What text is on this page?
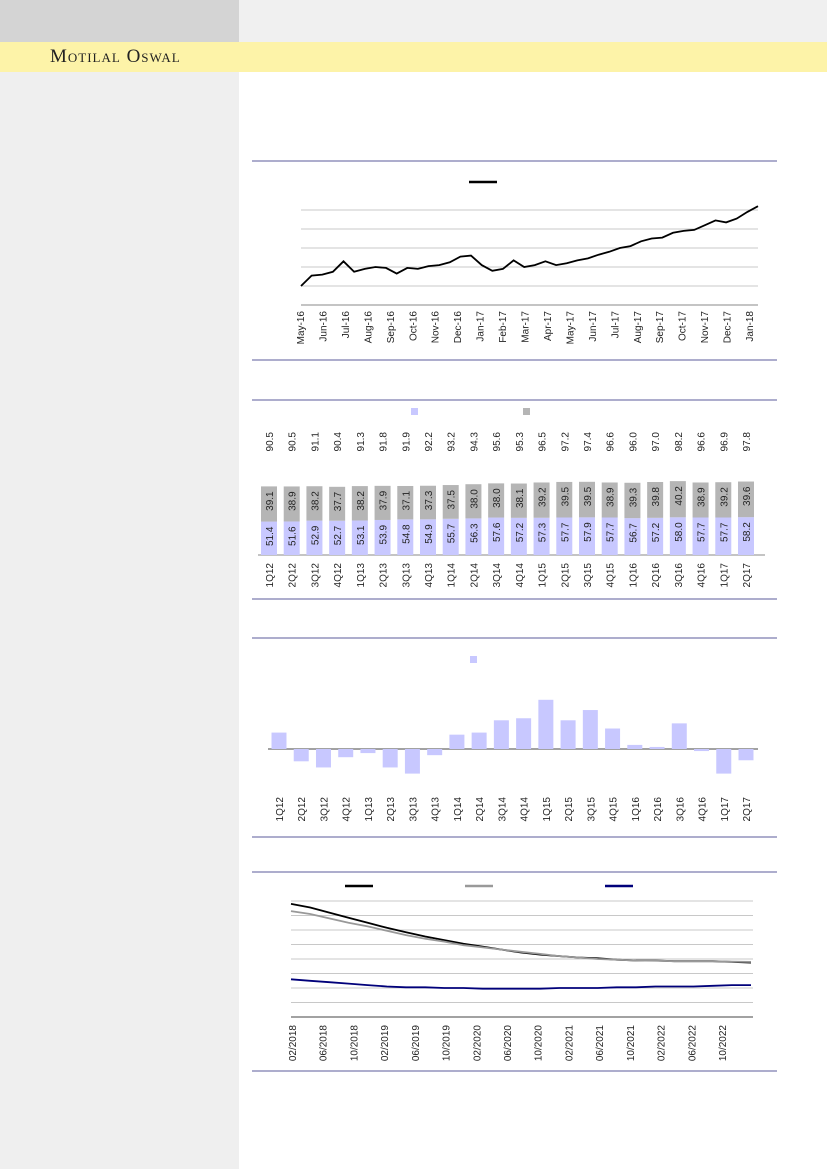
Motilal Oswal
May-16 Jun-16 Jul-16 Aug-16 Sep-16 Oct-16 Nov-16 Dec-16 Jan-17 Feb-17 Mar-17 Apr-17 May-17 Jun-17 Jul-17 Aug-17 Sep-17 Oct-17 Nov-17 Dec-17 Jan-18
51.4
39.1
90.5
1Q12
51.6
38.9
90.5
2Q12
52.9
38.2
91.1
3Q12
52.7
37.7
90.4
4Q12
53.1
38.2
91.3
1Q13
53.9
37.9
91.8
2Q13
54.8
37.1
91.9
3Q13
54.9
37.3
92.2
4Q13
55.7
37.5
93.2
1Q14
56.3
38.0
94.3
2Q14
57.6
38.0
95.6
3Q14
57.2
38.1
95.3
4Q14
57.3
39.2
96.5
1Q15
57.7
39.5
97.2
2Q15
57.9
39.5
97.4
3Q15
57.7
38.9
96.6
4Q15
56.7
39.3
96.0
1Q16
57.2
39.8
97.0
2Q16
58.0
40.2
98.2
3Q16
57.7
38.9
96.6
4Q16
57.7
39.2
96.9
1Q17
58.2
39.6
97.8
2Q17
1Q12 2Q12 3Q12 4Q12 1Q13 2Q13 3Q13 4Q13 1Q14 2Q14 3Q14 4Q14 1Q15 2Q15 3Q15 4Q15 1Q16 2Q16 3Q16 4Q16 1Q17 2Q17
02/2018 06/2018 10/2018 02/2019 06/2019 10/2019 02/2020 06/2020 10/2020 02/2021 06/2021 10/2021 02/2022 06/2022 10/2022
